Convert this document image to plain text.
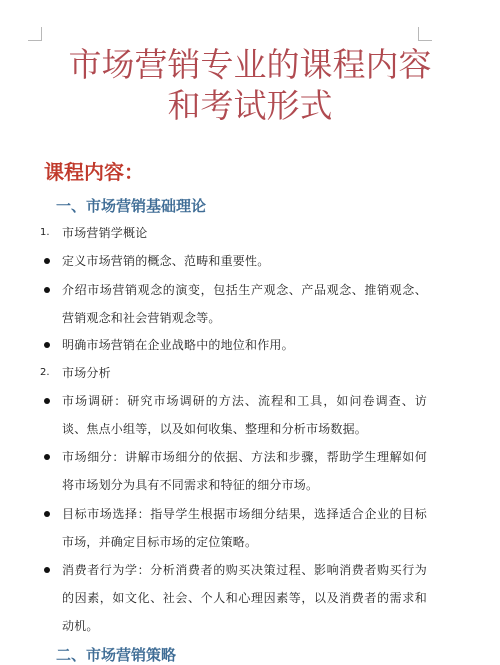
市场营销专业的课程内容
和考试形式
课程内容：
一、市场营销基础理论
1.	市场营销学概论
定义市场营销的概念、范畴和重要性。
介绍市场营销观念的演变，包括生产观念、产品观念、推销观念、营销观念和社会营销观念等。
明确市场营销在企业战略中的地位和作用。
2.	市场分析
市场调研：研究市场调研的方法、流程和工具，如问卷调查、访谈、焦点小组等，以及如何收集、整理和分析市场数据。
市场细分：讲解市场细分的依据、方法和步骤，帮助学生理解如何将市场划分为具有不同需求和特征的细分市场。
目标市场选择：指导学生根据市场细分结果，选择适合企业的目标市场，并确定目标市场的定位策略。
消费者行为学：分析消费者的购买决策过程、影响消费者购买行为的因素，如文化、社会、个人和心理因素等，以及消费者的需求和动机。
二、市场营销策略
